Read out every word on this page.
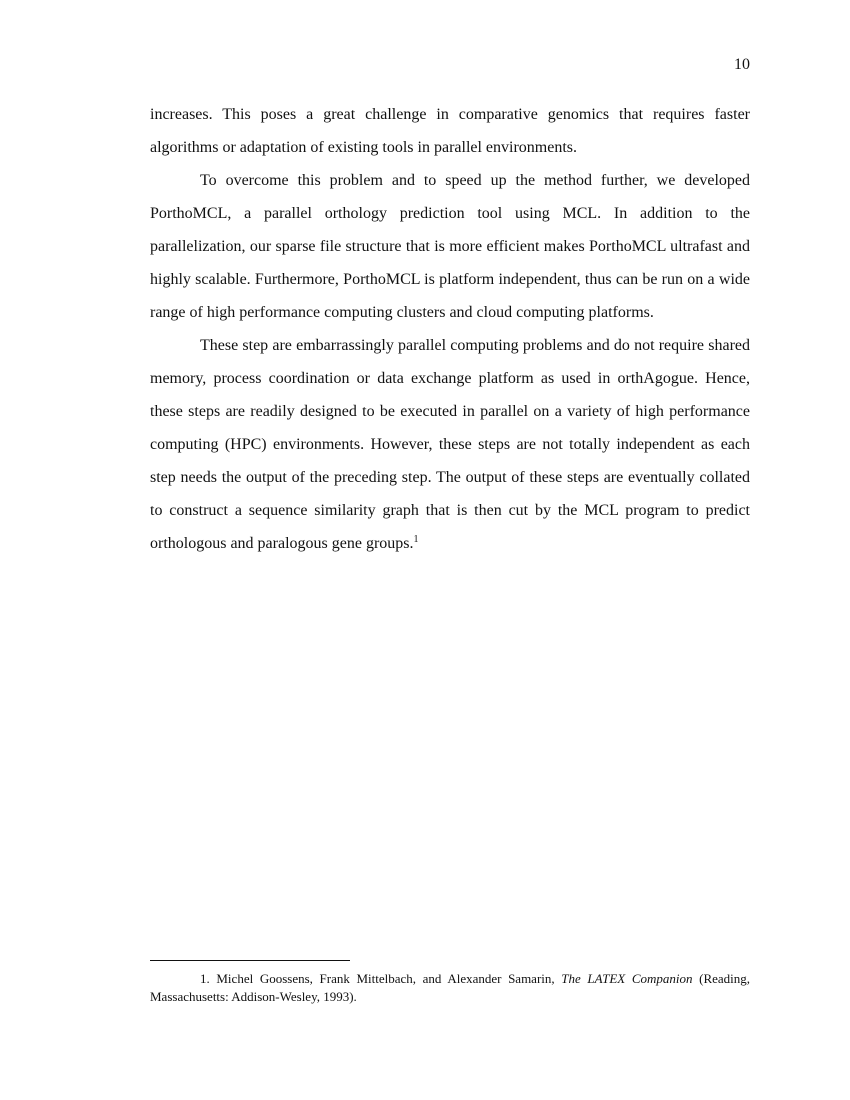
10

increases. This poses a great challenge in comparative genomics that requires faster algorithms or adaptation of existing tools in parallel environments.

To overcome this problem and to speed up the method further, we developed PorthoMCL, a parallel orthology prediction tool using MCL. In addition to the parallelization, our sparse file structure that is more efficient makes PorthoMCL ultrafast and highly scalable. Furthermore, PorthoMCL is platform independent, thus can be run on a wide range of high performance computing clusters and cloud computing platforms.

These step are embarrassingly parallel computing problems and do not require shared memory, process coordination or data exchange platform as used in orthAgogue. Hence, these steps are readily designed to be executed in parallel on a variety of high performance computing (HPC) environments. However, these steps are not totally independent as each step needs the output of the preceding step. The output of these steps are eventually collated to construct a sequence similarity graph that is then cut by the MCL program to predict orthologous and paralogous gene groups.$^1$

1. Michel Goossens, Frank Mittelbach, and Alexander Samarin, The LATEX Companion (Reading, Massachusetts: Addison-Wesley, 1993).
